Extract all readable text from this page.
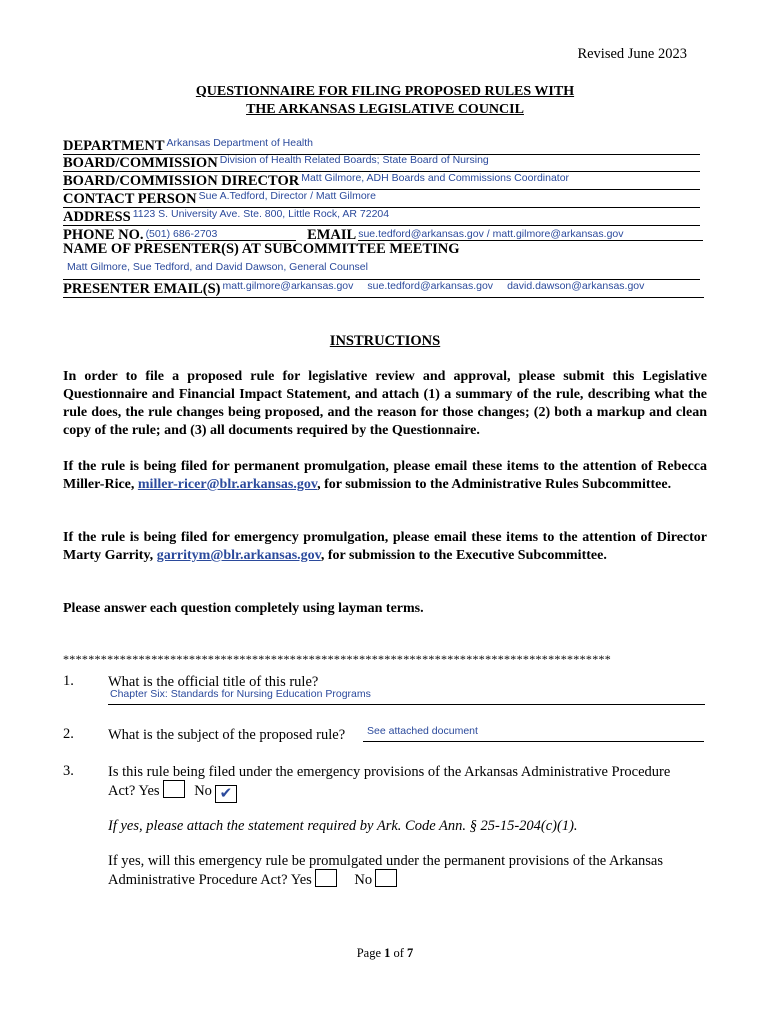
Revised June 2023
QUESTIONNAIRE FOR FILING PROPOSED RULES WITH
THE ARKANSAS LEGISLATIVE COUNCIL
DEPARTMENT Arkansas Department of Health
BOARD/COMMISSION Division of Health Related Boards; State Board of Nursing
BOARD/COMMISSION DIRECTOR Matt Gilmore, ADH Boards and Commissions Coordinator
CONTACT PERSON Sue A.Tedford, Director / Matt Gilmore
ADDRESS 1123 S. University Ave. Ste. 800, Little Rock, AR 72204
PHONE NO. (501) 686-2703	EMAIL sue.tedford@arkansas.gov / matt.gilmore@arkansas.gov
NAME OF PRESENTER(S) AT SUBCOMMITTEE MEETING
Matt Gilmore, Sue Tedford, and David Dawson, General Counsel
PRESENTER EMAIL(S) matt.gilmore@arkansas.gov sue.tedford@arkansas.gov david.dawson@arkansas.gov
INSTRUCTIONS
In order to file a proposed rule for legislative review and approval, please submit this Legislative Questionnaire and Financial Impact Statement, and attach (1) a summary of the rule, describing what the rule does, the rule changes being proposed, and the reason for those changes; (2) both a markup and clean copy of the rule; and (3) all documents required by the Questionnaire.
If the rule is being filed for permanent promulgation, please email these items to the attention of Rebecca Miller-Rice, miller-ricer@blr.arkansas.gov, for submission to the Administrative Rules Subcommittee.
If the rule is being filed for emergency promulgation, please email these items to the attention of Director Marty Garrity, garritym@blr.arkansas.gov, for submission to the Executive Subcommittee.
Please answer each question completely using layman terms.
***************************************************************************************
1. What is the official title of this rule?
Chapter Six: Standards for Nursing Education Programs
2. What is the subject of the proposed rule? See attached document
3. Is this rule being filed under the emergency provisions of the Arkansas Administrative Procedure
Act? Yes No ✔
If yes, please attach the statement required by Ark. Code Ann. § 25-15-204(c)(1).
If yes, will this emergency rule be promulgated under the permanent provisions of the Arkansas
Administrative Procedure Act? Yes	No
Page 1 of 7
